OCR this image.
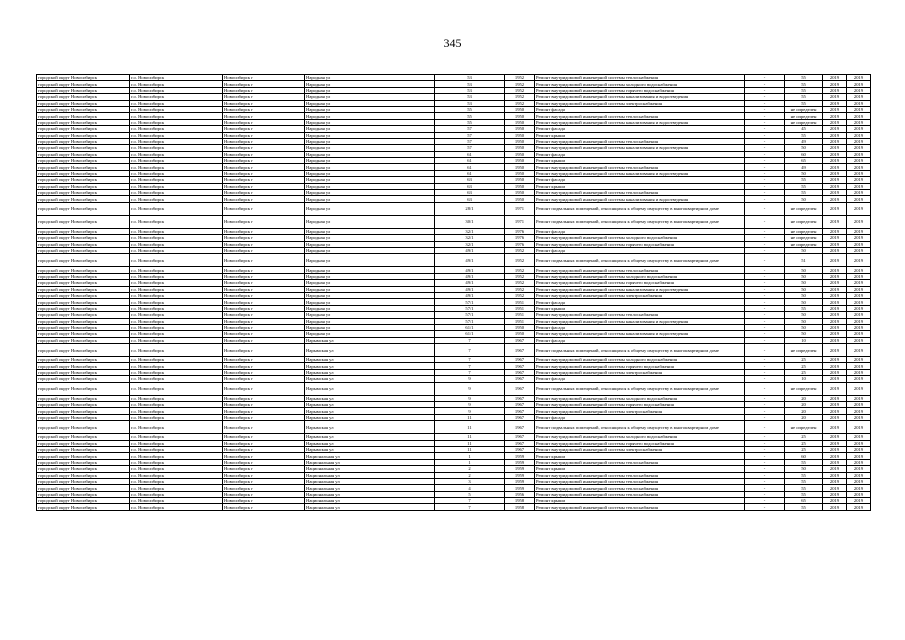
345
городской округ Новосибирск	г.о. Новосибирск	Новосибирск г	Народная ул	53	1952	Ремонт внутридомовой инженерной системы теплоснабжения	-	55	2019	2019
городской округ Новосибирск	г.о. Новосибирск	Новосибирск г	Народная ул	53	1952	Ремонт внутридомовой инженерной системы холодного водоснабжения	-	55	2019	2019
городской округ Новосибирск	г.о. Новосибирск	Новосибирск г	Народная ул	53	1952	Ремонт внутридомовой инженерной системы горячего водоснабжения	-	55	2019	2019
городской округ Новосибирск	г.о. Новосибирск	Новосибирск г	Народная ул	53	1952	Ремонт внутридомовой инженерной системы канализования и водоотведения	-	55	2019	2019
городской округ Новосибирск	г.о. Новосибирск	Новосибирск г	Народная ул	53	1952	Ремонт внутридомовой инженерной системы электроснабжения	-	55	2019	2019
городской округ Новосибирск	г.о. Новосибирск	Новосибирск г	Народная ул	55	1950	Ремонт фасада	-	не определен	2019	2019
городской округ Новосибирск	г.о. Новосибирск	Новосибирск г	Народная ул	55	1950	Ремонт внутридомовой инженерной системы теплоснабжения	-	не определен	2019	2019
городской округ Новосибирск	г.о. Новосибирск	Новосибирск г	Народная ул	55	1950	Ремонт внутридомовой инженерной системы канализования и водоотведения	-	не определен	2019	2019
городской округ Новосибирск	г.о. Новосибирск	Новосибирск г	Народная ул	57	1950	Ремонт фасада	-	45	2019	2019
городской округ Новосибирск	г.о. Новосибирск	Новосибирск г	Народная ул	57	1950	Ремонт крыши	-	55	2019	2019
городской округ Новосибирск	г.о. Новосибирск	Новосибирск г	Народная ул	57	1950	Ремонт внутридомовой инженерной системы теплоснабжения	-	49	2019	2019
городской округ Новосибирск	г.о. Новосибирск	Новосибирск г	Народная ул	57	1950	Ремонт внутридомовой инженерной системы канализования и водоотведения	-	50	2019	2019
городской округ Новосибирск	г.о. Новосибирск	Новосибирск г	Народная ул	61	1950	Ремонт фасада	-	60	2019	2019
городской округ Новосибирск	г.о. Новосибирск	Новосибирск г	Народная ул	61	1950	Ремонт крыши	-	65	2019	2019
городской округ Новосибирск	г.о. Новосибирск	Новосибирск г	Народная ул	61	1950	Ремонт внутридомовой инженерной системы теплоснабжения	-	49	2019	2019
городской округ Новосибирск	г.о. Новосибирск	Новосибирск г	Народная ул	61	1950	Ремонт внутридомовой инженерной системы канализования и водоотведения	-	50	2019	2019
городской округ Новосибирск	г.о. Новосибирск	Новосибирск г	Народная ул	63	1950	Ремонт фасада	-	55	2019	2019
городской округ Новосибирск	г.о. Новосибирск	Новосибирск г	Народная ул	63	1950	Ремонт крыши	-	55	2019	2019
городской округ Новосибирск	г.о. Новосибирск	Новосибирск г	Народная ул	63	1950	Ремонт внутридомовой инженерной системы теплоснабжения	-	55	2019	2019
городской округ Новосибирск	г.о. Новосибирск	Новосибирск г	Народная ул	63	1950	Ремонт внутридомовой инженерной системы канализования и водоотведения	-	50	2019	2019
городской округ Новосибирск	г.о. Новосибирск	Новосибирск г	Народная ул	28/1	1971	Ремонт подвальных помещений, относящихся к общему имуществу в многоквартирном доме	-	не определен	2019	2019
городской округ Новосибирск	г.о. Новосибирск	Новосибирск г	Народная ул	30/1	1971	Ремонт подвальных помещений, относящихся к общему имуществу в многоквартирном доме	-	не определен	2019	2019
городской округ Новосибирск	г.о. Новосибирск	Новосибирск г	Народная ул	32/1	1976	Ремонт фасада	-	не определен	2019	2019
городской округ Новосибирск	г.о. Новосибирск	Новосибирск г	Народная ул	32/1	1976	Ремонт внутридомовой инженерной системы холодного водоснабжения	-	не определен	2019	2019
городской округ Новосибирск	г.о. Новосибирск	Новосибирск г	Народная ул	32/1	1976	Ремонт внутридомовой инженерной системы горячего водоснабжения	-	не определен	2019	2019
городской округ Новосибирск	г.о. Новосибирск	Новосибирск г	Народная ул	49/1	1952	Ремонт фасада	-	50	2019	2019
городской округ Новосибирск	г.о. Новосибирск	Новосибирск г	Народная ул	49/1	1952	Ремонт подвальных помещений, относящихся к общему имуществу в многоквартирном доме	-	51	2019	2019
городской округ Новосибирск	г.о. Новосибирск	Новосибирск г	Народная ул	49/1	1952	Ремонт внутридомовой инженерной системы теплоснабжения	-	50	2019	2019
городской округ Новосибирск	г.о. Новосибирск	Новосибирск г	Народная ул	49/1	1952	Ремонт внутридомовой инженерной системы холодного водоснабжения	-	50	2019	2019
городской округ Новосибирск	г.о. Новосибирск	Новосибирск г	Народная ул	49/1	1952	Ремонт внутридомовой инженерной системы горячего водоснабжения	-	50	2019	2019
городской округ Новосибирск	г.о. Новосибирск	Новосибирск г	Народная ул	49/1	1952	Ремонт внутридомовой инженерной системы канализования и водоотведения	-	50	2019	2019
городской округ Новосибирск	г.о. Новосибирск	Новосибирск г	Народная ул	49/1	1952	Ремонт внутридомовой инженерной системы электроснабжения	-	50	2019	2019
городской округ Новосибирск	г.о. Новосибирск	Новосибирск г	Народная ул	57/1	1951	Ремонт фасада	-	50	2019	2019
городской округ Новосибирск	г.о. Новосибирск	Новосибирск г	Народная ул	57/1	1951	Ремонт крыши	-	55	2019	2019
городской округ Новосибирск	г.о. Новосибирск	Новосибирск г	Народная ул	57/1	1951	Ремонт внутридомовой инженерной системы теплоснабжения	-	50	2019	2019
городской округ Новосибирск	г.о. Новосибирск	Новосибирск г	Народная ул	57/1	1951	Ремонт внутридомовой инженерной системы канализования и водоотведения	-	50	2019	2019
городской округ Новосибирск	г.о. Новосибирск	Новосибирск г	Народная ул	61/1	1950	Ремонт фасада	-	50	2019	2019
городской округ Новосибирск	г.о. Новосибирск	Новосибирск г	Народная ул	61/1	1950	Ремонт внутридомовой инженерной системы канализования и водоотведения	-	50	2019	2019
городской округ Новосибирск	г.о. Новосибирск	Новосибирск г	Нарымская ул	7	1967	Ремонт фасада	-	10	2019	2019
городской округ Новосибирск	г.о. Новосибирск	Новосибирск г	Нарымская ул	7	1967	Ремонт подвальных помещений, относящихся к общему имуществу в многоквартирном доме	-	не определен	2019	2019
городской округ Новосибирск	г.о. Новосибирск	Новосибирск г	Нарымская ул	7	1967	Ремонт внутридомовой инженерной системы холодного водоснабжения	-	25	2019	2019
городской округ Новосибирск	г.о. Новосибирск	Новосибирск г	Нарымская ул	7	1967	Ремонт внутридомовой инженерной системы горячего водоснабжения	-	25	2019	2019
городской округ Новосибирск	г.о. Новосибирск	Новосибирск г	Нарымская ул	7	1967	Ремонт внутридомовой инженерной системы электроснабжения	-	25	2019	2019
городской округ Новосибирск	г.о. Новосибирск	Новосибирск г	Нарымская ул	9	1967	Ремонт фасада	-	10	2019	2019
городской округ Новосибирск	г.о. Новосибирск	Новосибирск г	Нарымская ул	9	1967	Ремонт подвальных помещений, относящихся к общему имуществу в многоквартирном доме	-	не определен	2019	2019
городской округ Новосибирск	г.о. Новосибирск	Новосибирск г	Нарымская ул	9	1967	Ремонт внутридомовой инженерной системы холодного водоснабжения	-	20	2019	2019
городской округ Новосибирск	г.о. Новосибирск	Новосибирск г	Нарымская ул	9	1967	Ремонт внутридомовой инженерной системы горячего водоснабжения	-	20	2019	2019
городской округ Новосибирск	г.о. Новосибирск	Новосибирск г	Нарымская ул	9	1967	Ремонт внутридомовой инженерной системы электроснабжения	-	20	2019	2019
городской округ Новосибирск	г.о. Новосибирск	Новосибирск г	Нарымская ул	11	1967	Ремонт фасада	-	20	2019	2019
городской округ Новосибирск	г.о. Новосибирск	Новосибирск г	Нарымская ул	11	1967	Ремонт подвальных помещений, относящихся к общему имуществу в многоквартирном доме	-	не определен	2019	2019
городской округ Новосибирск	г.о. Новосибирск	Новосибирск г	Нарымская ул	11	1967	Ремонт внутридомовой инженерной системы холодного водоснабжения	-	25	2019	2019
городской округ Новосибирск	г.о. Новосибирск	Новосибирск г	Нарымская ул	11	1967	Ремонт внутридомовой инженерной системы горячего водоснабжения	-	25	2019	2019
городской округ Новосибирск	г.о. Новосибирск	Новосибирск г	Нарымская ул	11	1967	Ремонт внутридомовой инженерной системы электроснабжения	-	25	2019	2019
городской округ Новосибирск	г.о. Новосибирск	Новосибирск г	Национальная ул	1	1959	Ремонт крыши	-	60	2019	2019
городской округ Новосибирск	г.о. Новосибирск	Новосибирск г	Национальная ул	1	1959	Ремонт внутридомовой инженерной системы теплоснабжения	-	55	2019	2019
городской округ Новосибирск	г.о. Новосибирск	Новосибирск г	Национальная ул	2	1959	Ремонт крыши	-	50	2019	2019
городской округ Новосибирск	г.о. Новосибирск	Новосибирск г	Национальная ул	2	1959	Ремонт внутридомовой инженерной системы теплоснабжения	-	55	2019	2019
городской округ Новосибирск	г.о. Новосибирск	Новосибирск г	Национальная ул	3	1959	Ремонт внутридомовой инженерной системы теплоснабжения	-	55	2019	2019
городской округ Новосибирск	г.о. Новосибирск	Новосибирск г	Национальная ул	4	1959	Ремонт внутридомовой инженерной системы теплоснабжения	-	55	2019	2019
городской округ Новосибирск	г.о. Новосибирск	Новосибирск г	Национальная ул	5	1956	Ремонт внутридомовой инженерной системы теплоснабжения	-	55	2019	2019
городской округ Новосибирск	г.о. Новосибирск	Новосибирск г	Национальная ул	7	1958	Ремонт крыши	-	65	2019	2019
городской округ Новосибирск	г.о. Новосибирск	Новосибирск г	Национальная ул	7	1958	Ремонт внутридомовой инженерной системы теплоснабжения	-	55	2019	2019
